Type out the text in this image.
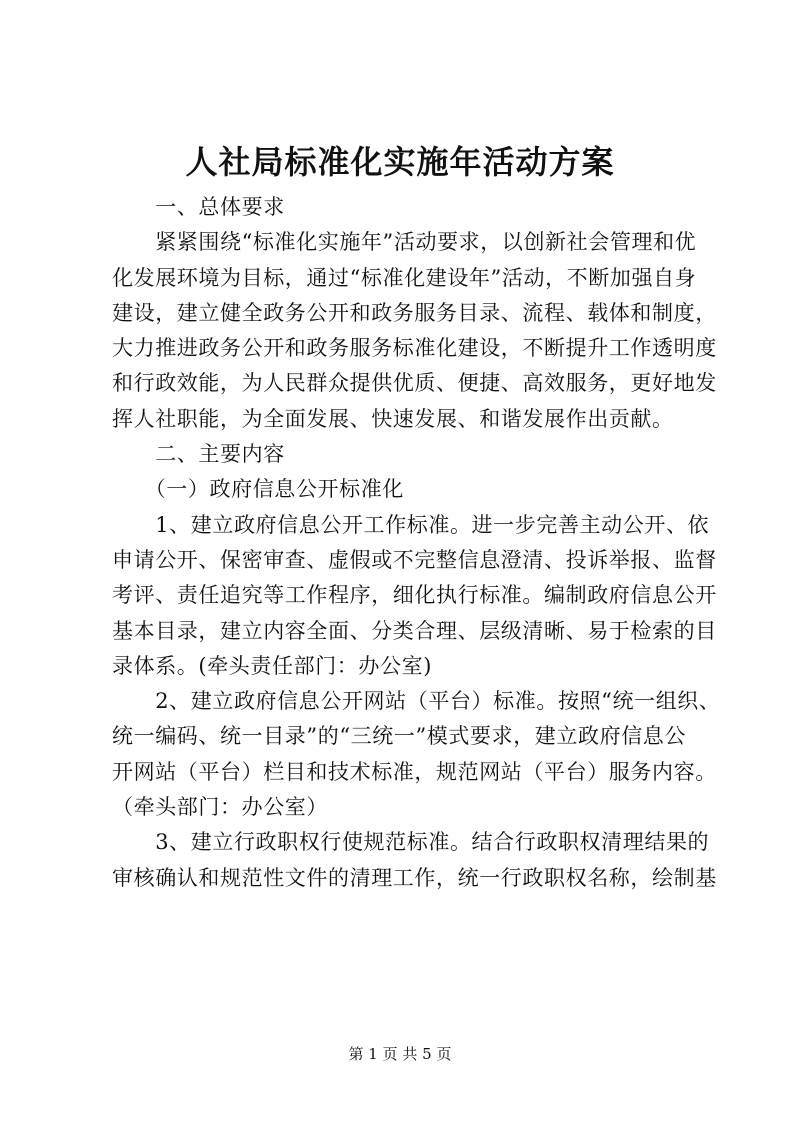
人社局标准化实施年活动方案
　　一、总体要求
　　紧紧围绕“标准化实施年”活动要求，以创新社会管理和优
化发展环境为目标，通过“标准化建设年”活动，不断加强自身
建设，建立健全政务公开和政务服务目录、流程、载体和制度，
大力推进政务公开和政务服务标准化建设，不断提升工作透明度
和行政效能，为人民群众提供优质、便捷、高效服务，更好地发
挥人社职能，为全面发展、快速发展、和谐发展作出贡献。
　　二、主要内容
　　（一）政府信息公开标准化
　　1、建立政府信息公开工作标准。进一步完善主动公开、依
申请公开、保密审查、虚假或不完整信息澄清、投诉举报、监督
考评、责任追究等工作程序，细化执行标准。编制政府信息公开
基本目录，建立内容全面、分类合理、层级清晰、易于检索的目
录体系。(牵头责任部门：办公室)
　　2、建立政府信息公开网站（平台）标准。按照“统一组织、
统一编码、统一目录”的“三统一”模式要求，建立政府信息公
开网站（平台）栏目和技术标准，规范网站（平台）服务内容。
（牵头部门：办公室）
　　3、建立行政职权行使规范标准。结合行政职权清理结果的
审核确认和规范性文件的清理工作，统一行政职权名称，绘制基
第 1 页 共 5 页
